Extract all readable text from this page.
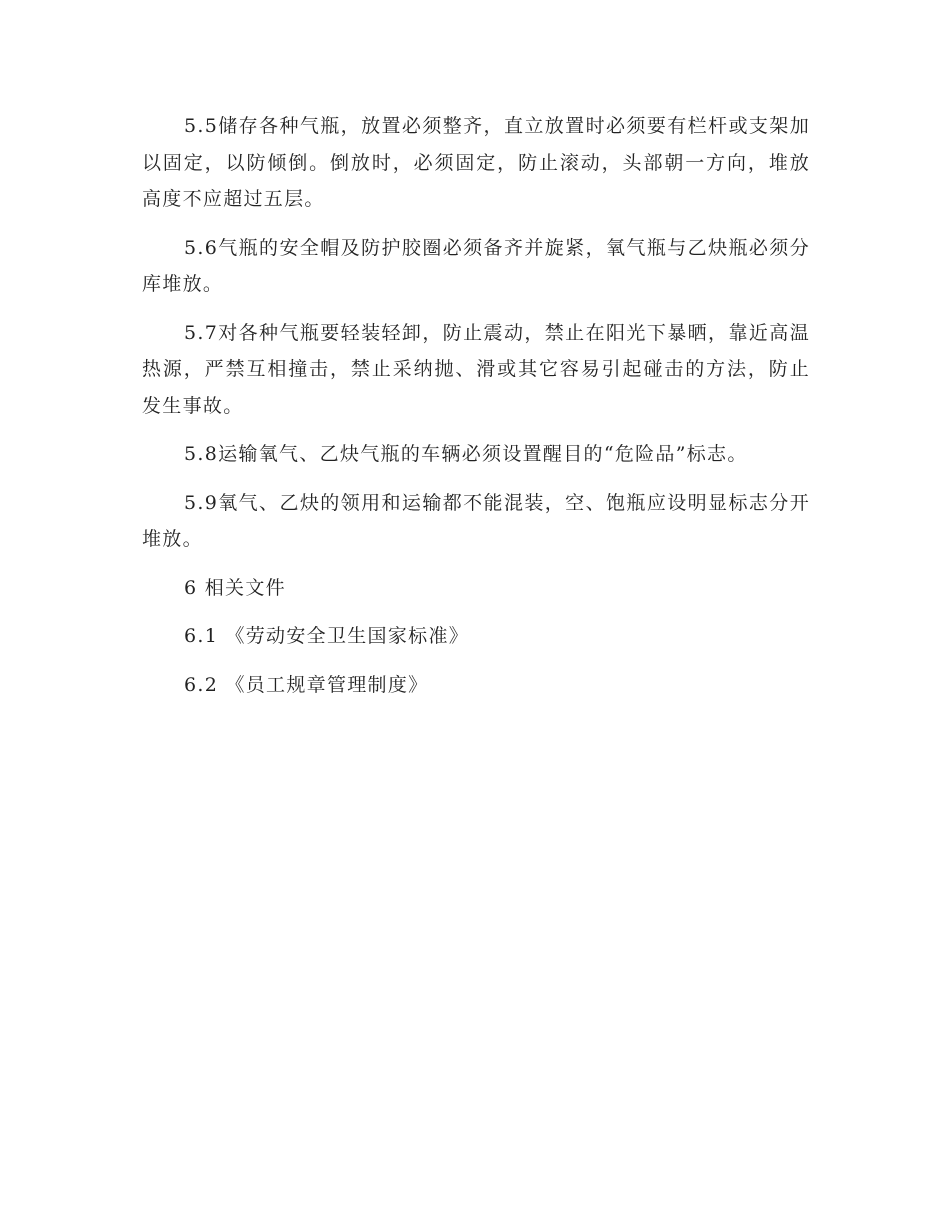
5.5储存各种气瓶，放置必须整齐，直立放置时必须要有栏杆或支架加以固定，以防倾倒。倒放时，必须固定，防止滚动，头部朝一方向，堆放高度不应超过五层。

5.6气瓶的安全帽及防护胶圈必须备齐并旋紧，氧气瓶与乙炔瓶必须分库堆放。

5.7对各种气瓶要轻装轻卸，防止震动，禁止在阳光下暴晒，靠近高温热源，严禁互相撞击，禁止采纳抛、滑或其它容易引起碰击的方法，防止发生事故。

5.8运输氧气、乙炔气瓶的车辆必须设置醒目的“危险品”标志。

5.9氧气、乙炔的领用和运输都不能混装，空、饱瓶应设明显标志分开堆放。

6 相关文件

6.1 《劳动安全卫生国家标准》

6.2 《员工规章管理制度》
